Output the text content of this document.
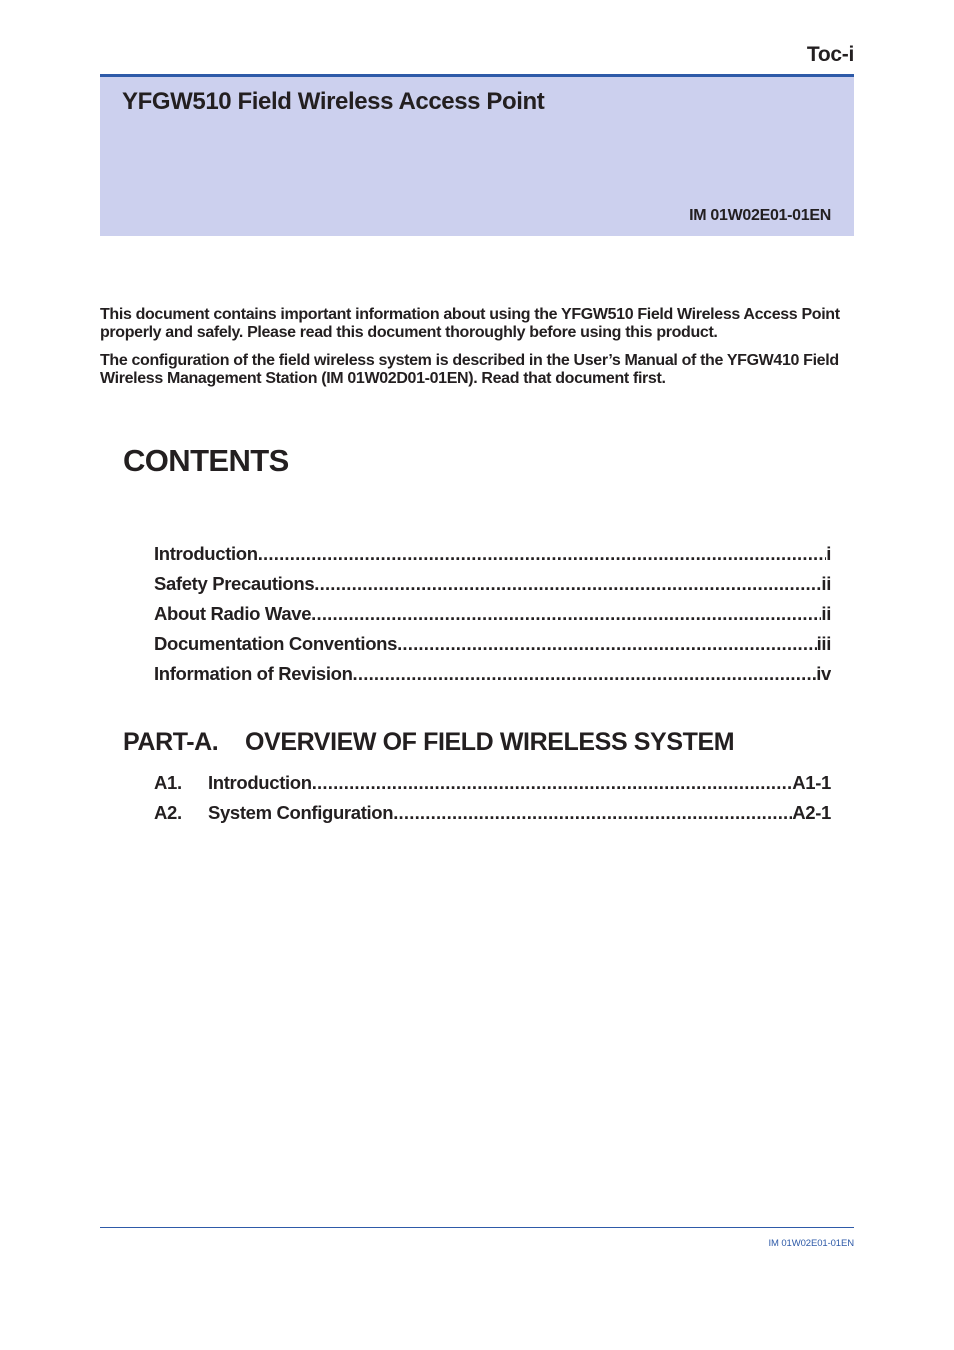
Toc-i
YFGW510 Field Wireless Access Point
IM 01W02E01-01EN

This document contains important information about using the YFGW510 Field Wireless Access Point properly and safely. Please read this document thoroughly before using this product.

The configuration of the field wireless system is described in the User’s Manual of the YFGW410 Field Wireless Management Station (IM 01W02D01-01EN). Read that document first.

CONTENTS
Introduction .....	i
Safety Precautions .....	ii
About Radio Wave .....	ii
Documentation Conventions .....	iii
Information of Revision .....	iv
PART-A. OVERVIEW OF FIELD WIRELESS SYSTEM
A1.	Introduction .....	A1-1
A2.	System Configuration .....	A2-1
IM 01W02E01-01EN
